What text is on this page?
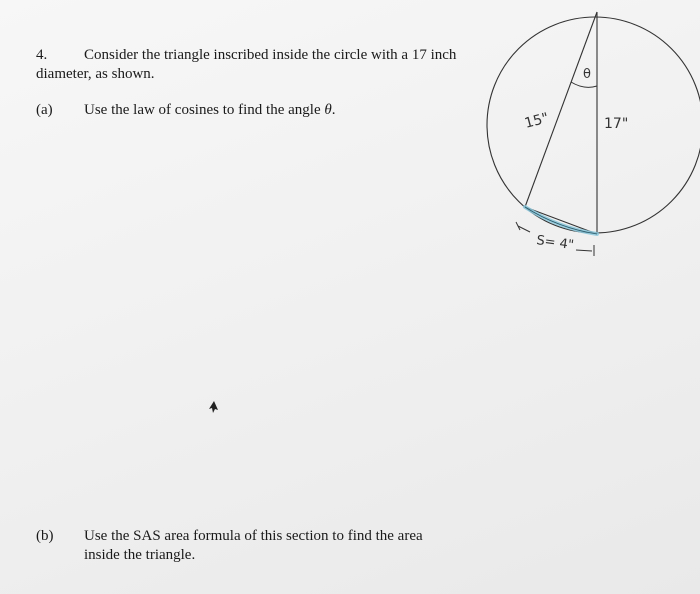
4. Consider the triangle inscribed inside the circle with a 17 inch
diameter, as shown.
(a) Use the law of cosines to find the angle θ.
(b) Use the SAS area formula of this section to find the area
inside the triangle.
θ
15"	17"
S= 4"
